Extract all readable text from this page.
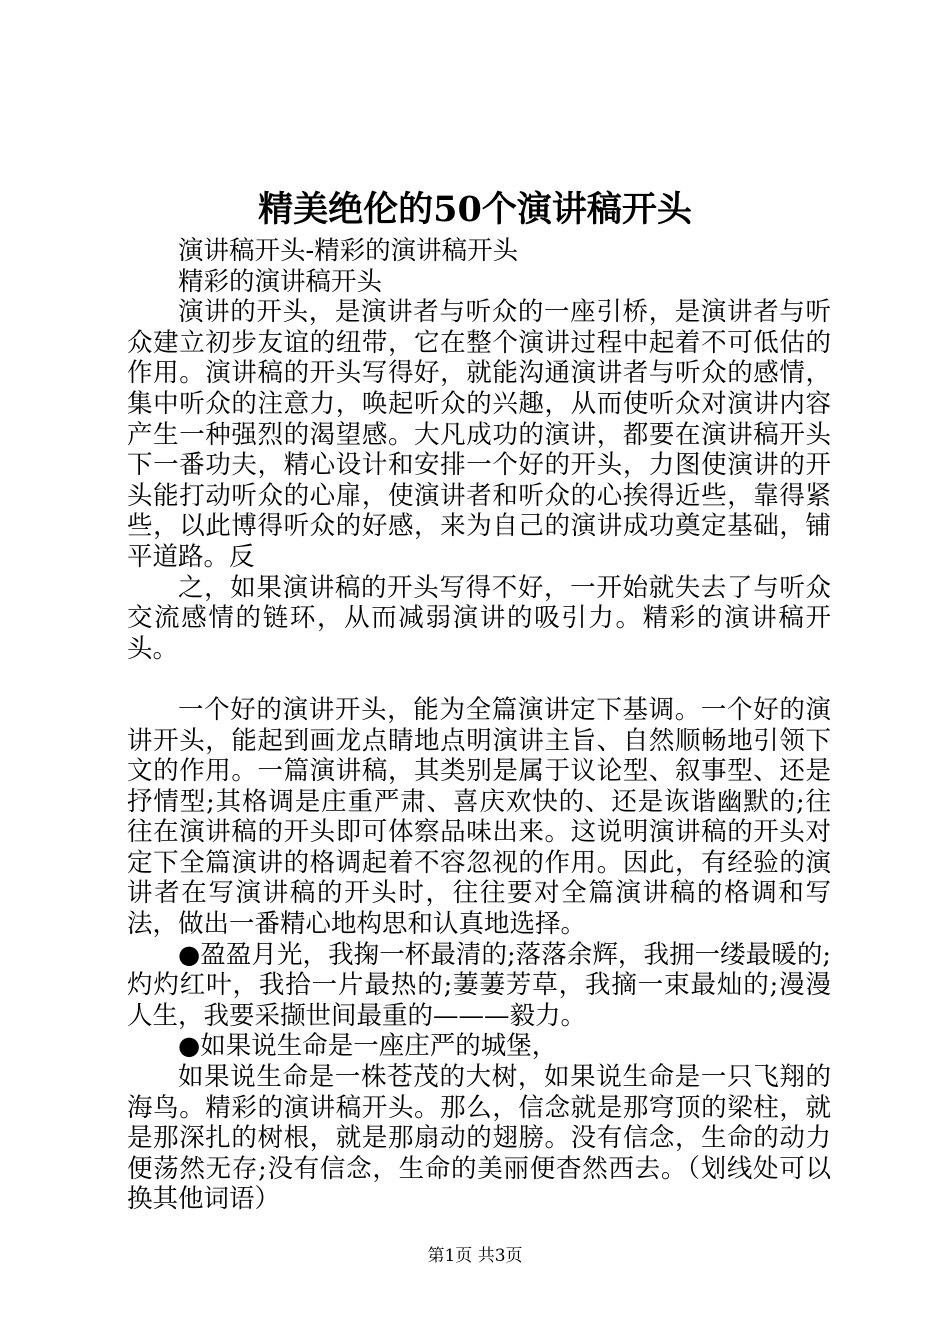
精美绝伦的50个演讲稿开头

演讲稿开头-精彩的演讲稿开头

精彩的演讲稿开头

演讲的开头，是演讲者与听众的一座引桥，是演讲者与听众建立初步友谊的纽带，它在整个演讲过程中起着不可低估的作用。演讲稿的开头写得好，就能沟通演讲者与听众的感情，集中听众的注意力，唤起听众的兴趣，从而使听众对演讲内容产生一种强烈的渴望感。大凡成功的演讲，都要在演讲稿开头下一番功夫，精心设计和安排一个好的开头，力图使演讲的开头能打动听众的心扉，使演讲者和听众的心挨得近些，靠得紧些，以此博得听众的好感，来为自己的演讲成功奠定基础，铺平道路。反

之，如果演讲稿的开头写得不好，一开始就失去了与听众交流感情的链环，从而减弱演讲的吸引力。精彩的演讲稿开头。

一个好的演讲开头，能为全篇演讲定下基调。一个好的演讲开头，能起到画龙点睛地点明演讲主旨、自然顺畅地引领下文的作用。一篇演讲稿，其类别是属于议论型、叙事型、还是抒情型;其格调是庄重严肃、喜庆欢快的、还是诙谐幽默的;往往在演讲稿的开头即可体察品味出来。这说明演讲稿的开头对定下全篇演讲的格调起着不容忽视的作用。因此，有经验的演讲者在写演讲稿的开头时，往往要对全篇演讲稿的格调和写法，做出一番精心地构思和认真地选择。

●盈盈月光，我掬一杯最清的;落落余辉，我拥一缕最暖的;灼灼红叶，我拾一片最热的;萋萋芳草，我摘一束最灿的;漫漫人生，我要采撷世间最重的———毅力。

●如果说生命是一座庄严的城堡，

如果说生命是一株苍茂的大树，如果说生命是一只飞翔的海鸟。精彩的演讲稿开头。那么，信念就是那穹顶的梁柱，就是那深扎的树根，就是那扇动的翅膀。没有信念，生命的动力便荡然无存;没有信念，生命的美丽便杳然西去。（划线处可以换其他词语）

第1页 共3页
